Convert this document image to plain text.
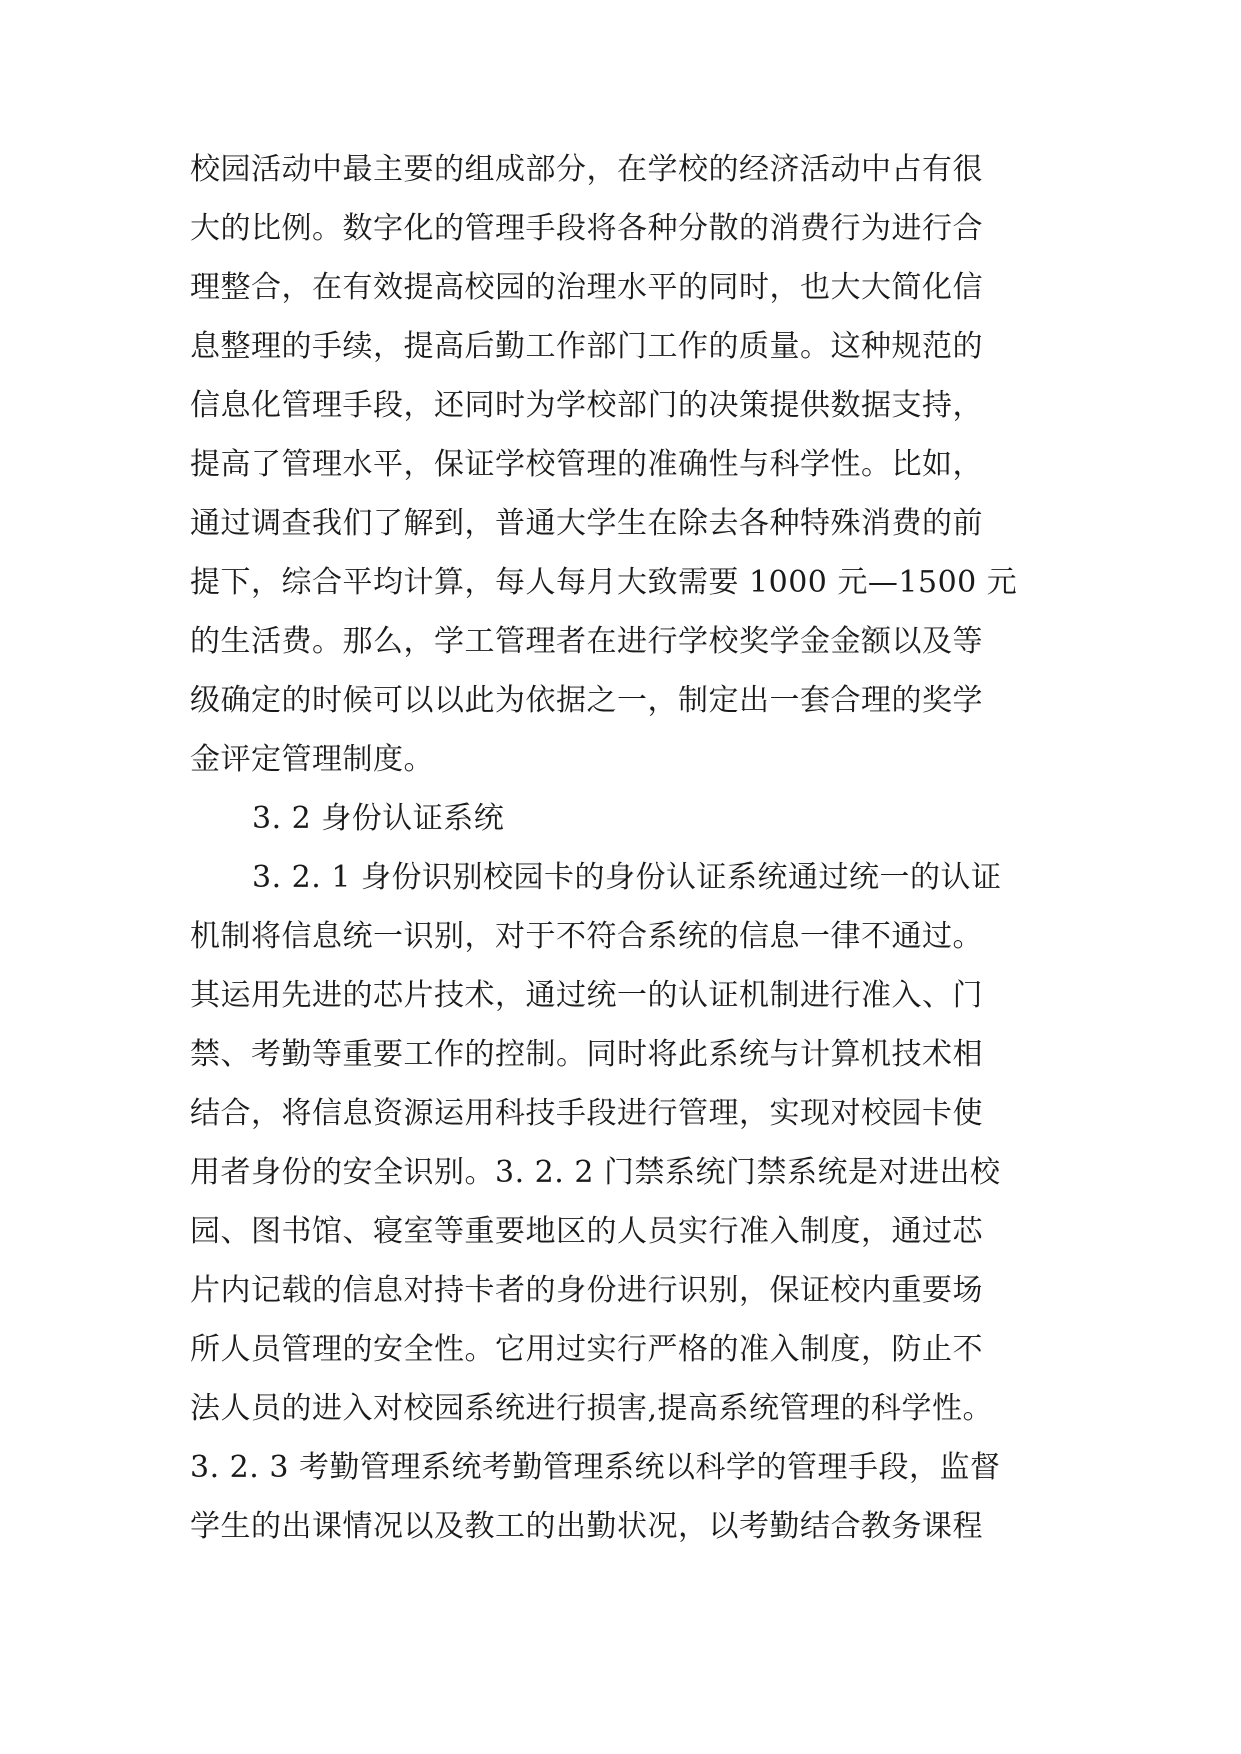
校园活动中最主要的组成部分，在学校的经济活动中占有很
大的比例。数字化的管理手段将各种分散的消费行为进行合
理整合，在有效提高校园的治理水平的同时，也大大简化信
息整理的手续，提高后勤工作部门工作的质量。这种规范的
信息化管理手段，还同时为学校部门的决策提供数据支持，
提高了管理水平，保证学校管理的准确性与科学性。比如，
通过调查我们了解到，普通大学生在除去各种特殊消费的前
提下，综合平均计算，每人每月大致需要 1000 元—1500 元
的生活费。那么，学工管理者在进行学校奖学金金额以及等
级确定的时候可以以此为依据之一，制定出一套合理的奖学
金评定管理制度。
3. 2 身份认证系统
3. 2. 1 身份识别校园卡的身份认证系统通过统一的认证
机制将信息统一识别，对于不符合系统的信息一律不通过。
其运用先进的芯片技术，通过统一的认证机制进行准入、门
禁、考勤等重要工作的控制。同时将此系统与计算机技术相
结合，将信息资源运用科技手段进行管理，实现对校园卡使
用者身份的安全识别。3. 2. 2 门禁系统门禁系统是对进出校
园、图书馆、寝室等重要地区的人员实行准入制度，通过芯
片内记载的信息对持卡者的身份进行识别，保证校内重要场
所人员管理的安全性。它用过实行严格的准入制度，防止不
法人员的进入对校园系统进行损害,提高系统管理的科学性。
3. 2. 3 考勤管理系统考勤管理系统以科学的管理手段，监督
学生的出课情况以及教工的出勤状况，以考勤结合教务课程
